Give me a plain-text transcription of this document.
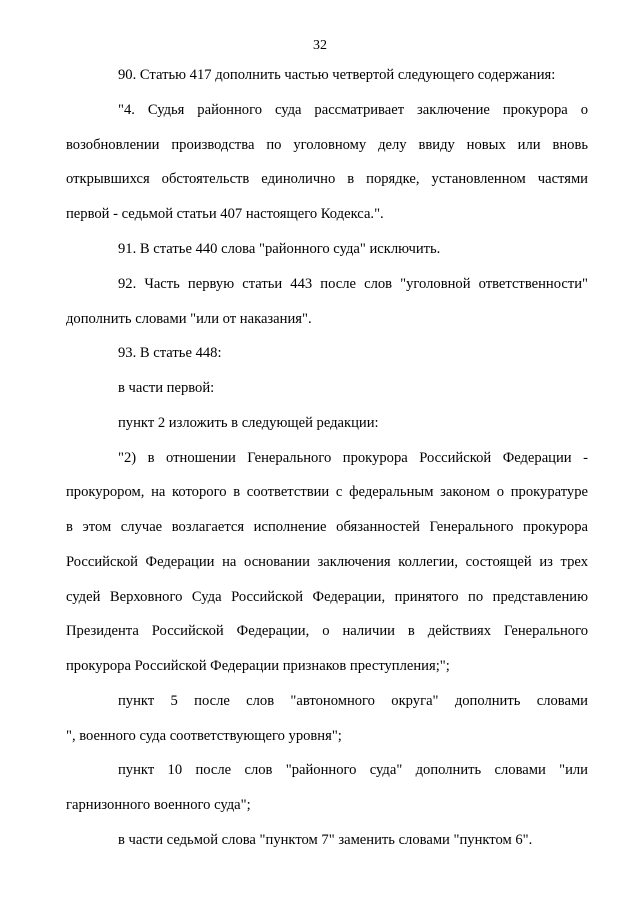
32
90. Статью 417 дополнить частью четвертой следующего содержания:
"4. Судья районного суда рассматривает заключение прокурора о
возобновлении производства по уголовному делу ввиду новых или вновь
открывшихся обстоятельств единолично в порядке, установленном частями
первой - седьмой статьи 407 настоящего Кодекса.".
91. В статье 440 слова "районного суда" исключить.
92. Часть первую статьи 443 после слов "уголовной ответственности"
дополнить словами "или от наказания".
93. В статье 448:
в части первой:
пункт 2 изложить в следующей редакции:
"2) в отношении Генерального прокурора Российской Федерации -
прокурором, на которого в соответствии с федеральным законом о прокуратуре
в этом случае возлагается исполнение обязанностей Генерального прокурора
Российской Федерации на основании заключения коллегии, состоящей из трех
судей Верховного Суда Российской Федерации, принятого по представлению
Президента Российской Федерации, о наличии в действиях Генерального
прокурора Российской Федерации признаков преступления;";
пункт 5 после слов "автономного округа" дополнить словами
", военного суда соответствующего уровня";
пункт 10 после слов "районного суда" дополнить словами "или
гарнизонного военного суда";
в части седьмой слова "пунктом 7" заменить словами "пунктом 6".
